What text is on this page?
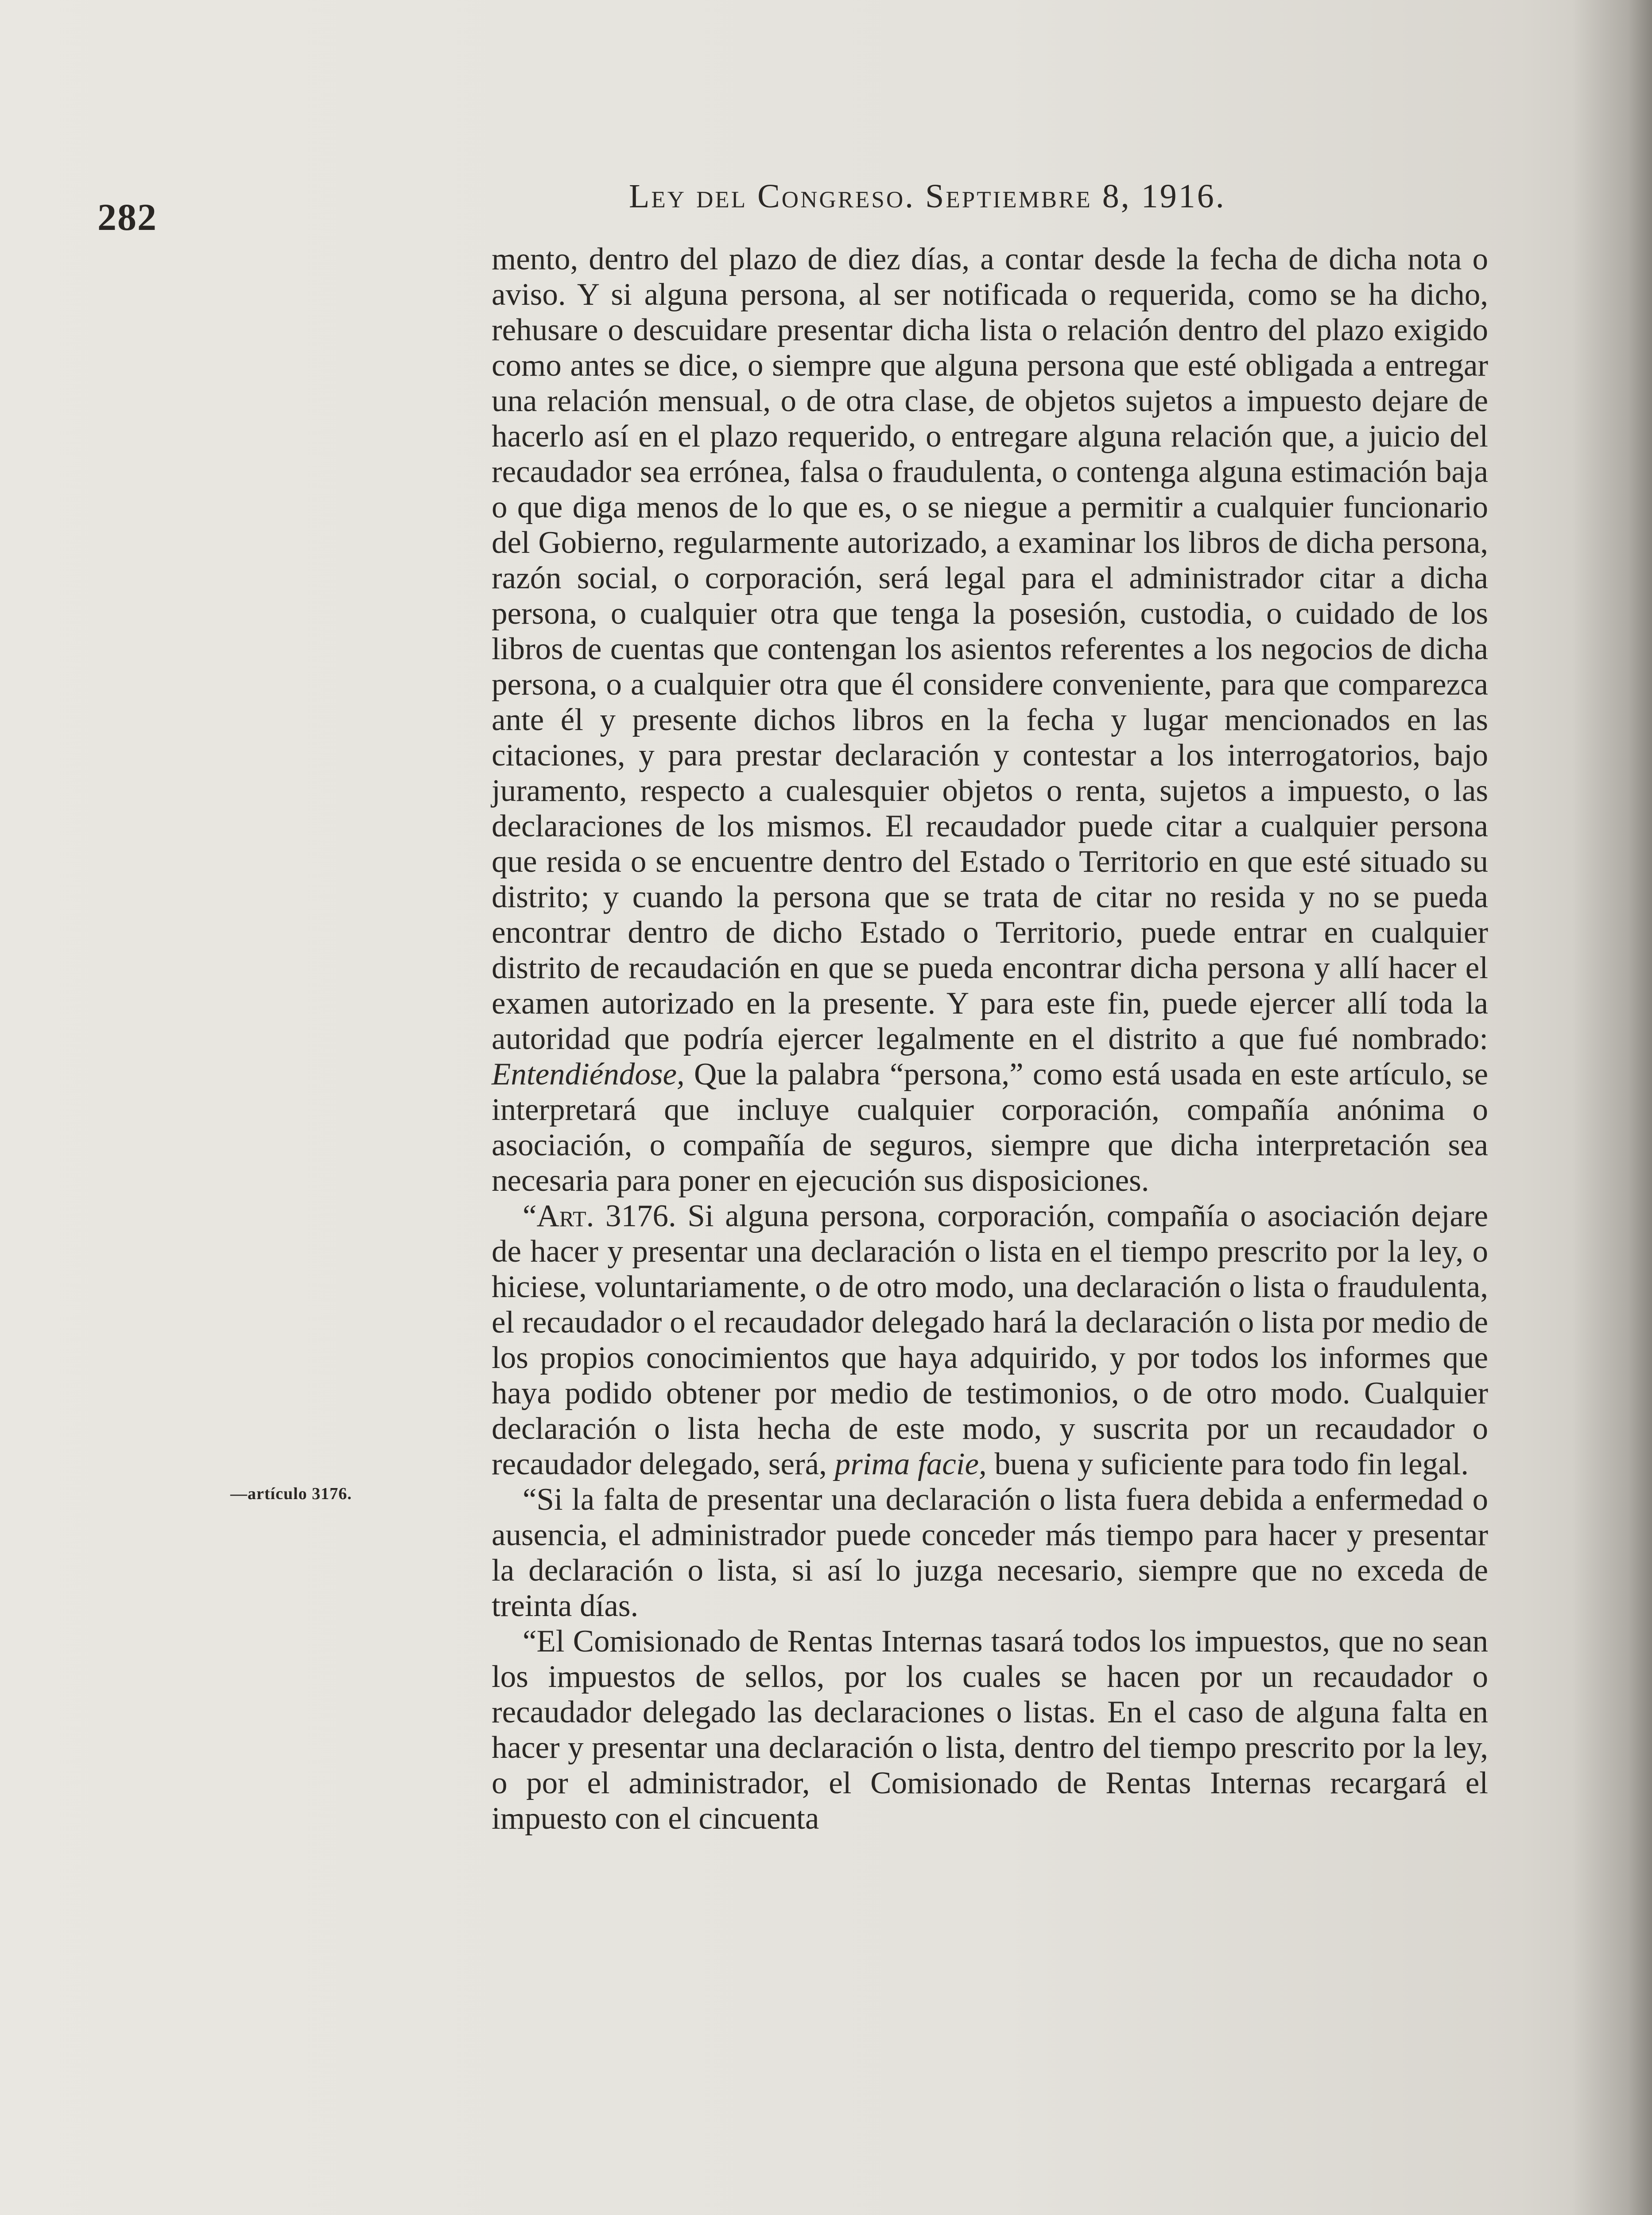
282	Ley del Congreso. Septiembre 8, 1916.
—artículo 3176.

mento, dentro del plazo de diez días, a contar desde la fecha de dicha nota o aviso. Y si alguna persona, al ser notificada o requerida, como se ha dicho, rehusare o descuidare presentar dicha lista o relación dentro del plazo exigido como antes se dice, o siempre que alguna persona que esté obligada a entregar una relación mensual, o de otra clase, de objetos sujetos a impuesto dejare de hacerlo así en el plazo requerido, o entregare alguna relación que, a juicio del recaudador sea errónea, falsa o fraudulenta, o contenga alguna estimación baja o que diga menos de lo que es, o se niegue a permitir a cualquier funcionario del Gobierno, regularmente autorizado, a examinar los libros de dicha persona, razón social, o corporación, será legal para el administrador citar a dicha persona, o cualquier otra que tenga la posesión, custodia, o cuidado de los libros de cuentas que contengan los asientos referentes a los negocios de dicha persona, o a cualquier otra que él considere conveniente, para que comparezca ante él y presente dichos libros en la fecha y lugar mencionados en las citaciones, y para prestar declaración y contestar a los interrogatorios, bajo juramento, respecto a cualesquier objetos o renta, sujetos a impuesto, o las declaraciones de los mismos. El recaudador puede citar a cualquier persona que resida o se encuentre dentro del Estado o Territorio en que esté situado su distrito; y cuando la persona que se trata de citar no resida y no se pueda encontrar dentro de dicho Estado o Territorio, puede entrar en cualquier distrito de recaudación en que se pueda encontrar dicha persona y allí hacer el examen autorizado en la presente. Y para este fin, puede ejercer allí toda la autoridad que podría ejercer legalmente en el distrito a que fué nombrado: Entendiéndose, Que la palabra “persona,” como está usada en este artículo, se interpretará que incluye cualquier corporación, compañía anónima o asociación, o compañía de seguros, siempre que dicha interpretación sea necesaria para poner en ejecución sus disposiciones.

“Art. 3176. Si alguna persona, corporación, compañía o asociación dejare de hacer y presentar una declaración o lista en el tiempo prescrito por la ley, o hiciese, voluntariamente, o de otro modo, una declaración o lista o fraudulenta, el recaudador o el recaudador delegado hará la declaración o lista por medio de los propios conocimientos que haya adquirido, y por todos los informes que haya podido obtener por medio de testimonios, o de otro modo. Cualquier declaración o lista hecha de este modo, y suscrita por un recaudador o recaudador delegado, será, prima facie, buena y suficiente para todo fin legal.

“Si la falta de presentar una declaración o lista fuera debida a enfermedad o ausencia, el administrador puede conceder más tiempo para hacer y presentar la declaración o lista, si así lo juzga necesario, siempre que no exceda de treinta días.

“El Comisionado de Rentas Internas tasará todos los impuestos, que no sean los impuestos de sellos, por los cuales se hacen por un recaudador o recaudador delegado las declaraciones o listas. En el caso de alguna falta en hacer y presentar una declaración o lista, dentro del tiempo prescrito por la ley, o por el administrador, el Comisionado de Rentas Internas recargará el impuesto con el cincuenta
